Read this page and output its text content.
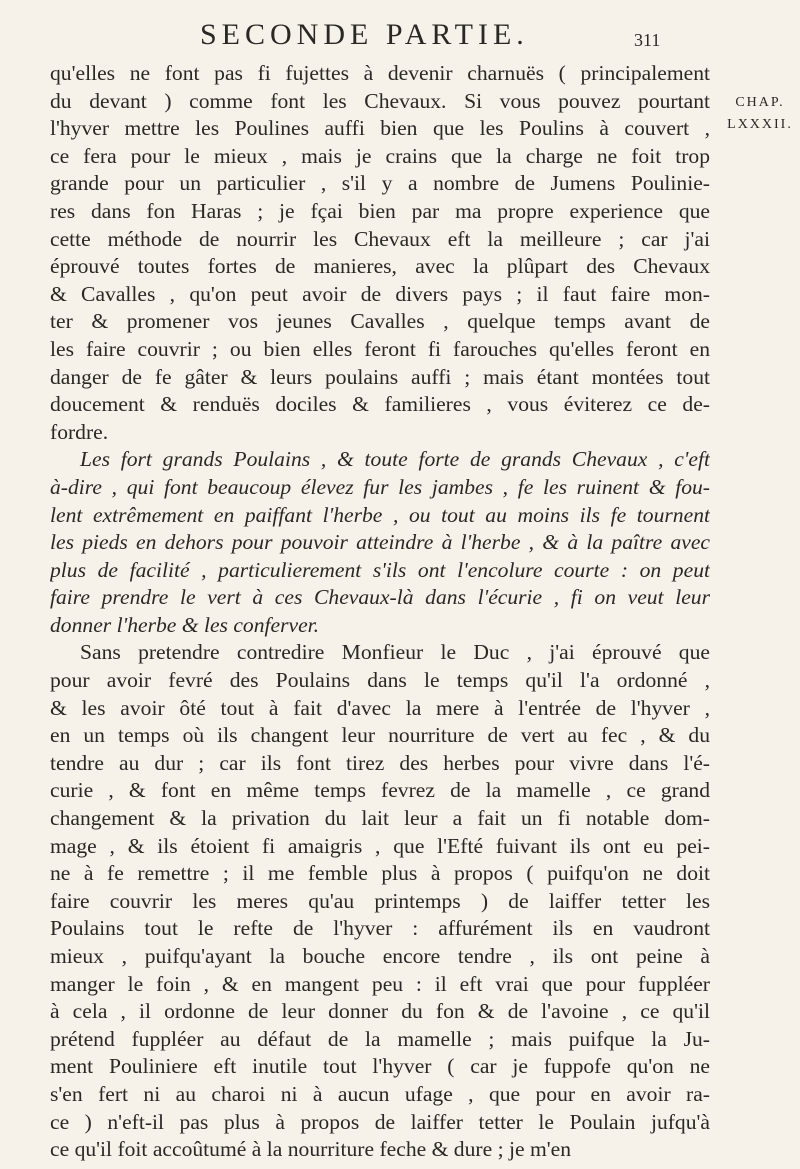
SECONDE PARTIE.	311
CHAP.
LXXXII.
qu'elles ne font pas fi fujettes à devenir charnuës ( principalement
du devant ) comme font les Chevaux. Si vous pouvez pourtant
l'hyver mettre les Poulines auffi bien que les Poulins à couvert ,
ce fera pour le mieux , mais je crains que la charge ne foit trop
grande pour un particulier , s'il y a nombre de Jumens Poulinie-
res dans fon Haras ; je fçai bien par ma propre experience que
cette méthode de nourrir les Chevaux eft la meilleure ; car j'ai
éprouvé toutes fortes de manieres, avec la plûpart des Chevaux
& Cavalles , qu'on peut avoir de divers pays ; il faut faire mon-
ter & promener vos jeunes Cavalles , quelque temps avant de
les faire couvrir ; ou bien elles feront fi farouches qu'elles feront en
danger de fe gâter & leurs poulains auffi ; mais étant montées tout
doucement & renduës dociles & familieres , vous éviterez ce de-
fordre.
Les fort grands Poulains , & toute forte de grands Chevaux , c'eft
à-dire , qui font beaucoup élevez fur les jambes , fe les ruinent & fou-
lent extrêmement en paiffant l'herbe , ou tout au moins ils fe tournent
les pieds en dehors pour pouvoir atteindre à l'herbe , & à la paître avec
plus de facilité , particulierement s'ils ont l'encolure courte : on peut
faire prendre le vert à ces Chevaux-là dans l'écurie , fi on veut leur
donner l'herbe & les conferver.
Sans pretendre contredire Monfieur le Duc , j'ai éprouvé que
pour avoir fevré des Poulains dans le temps qu'il l'a ordonné ,
& les avoir ôté tout à fait d'avec la mere à l'entrée de l'hyver ,
en un temps où ils changent leur nourriture de vert au fec , & du
tendre au dur ; car ils font tirez des herbes pour vivre dans l'é-
curie , & font en même temps fevrez de la mamelle , ce grand
changement & la privation du lait leur a fait un fi notable dom-
mage , & ils étoient fi amaigris , que l'Efté fuivant ils ont eu pei-
ne à fe remettre ; il me femble plus à propos ( puifqu'on ne doit
faire couvrir les meres qu'au printemps ) de laiffer tetter les
Poulains tout le refte de l'hyver : affurément ils en vaudront
mieux , puifqu'ayant la bouche encore tendre , ils ont peine à
manger le foin , & en mangent peu : il eft vrai que pour fuppléer
à cela , il ordonne de leur donner du fon & de l'avoine , ce qu'il
prétend fuppléer au défaut de la mamelle ; mais puifque la Ju-
ment Pouliniere eft inutile tout l'hyver ( car je fuppofe qu'on ne
s'en fert ni au charoi ni à aucun ufage , que pour en avoir ra-
ce ) n'eft-il pas plus à propos de laiffer tetter le Poulain jufqu'à
ce qu'il foit accoûtumé à la nourriture feche & dure ; je m'en
